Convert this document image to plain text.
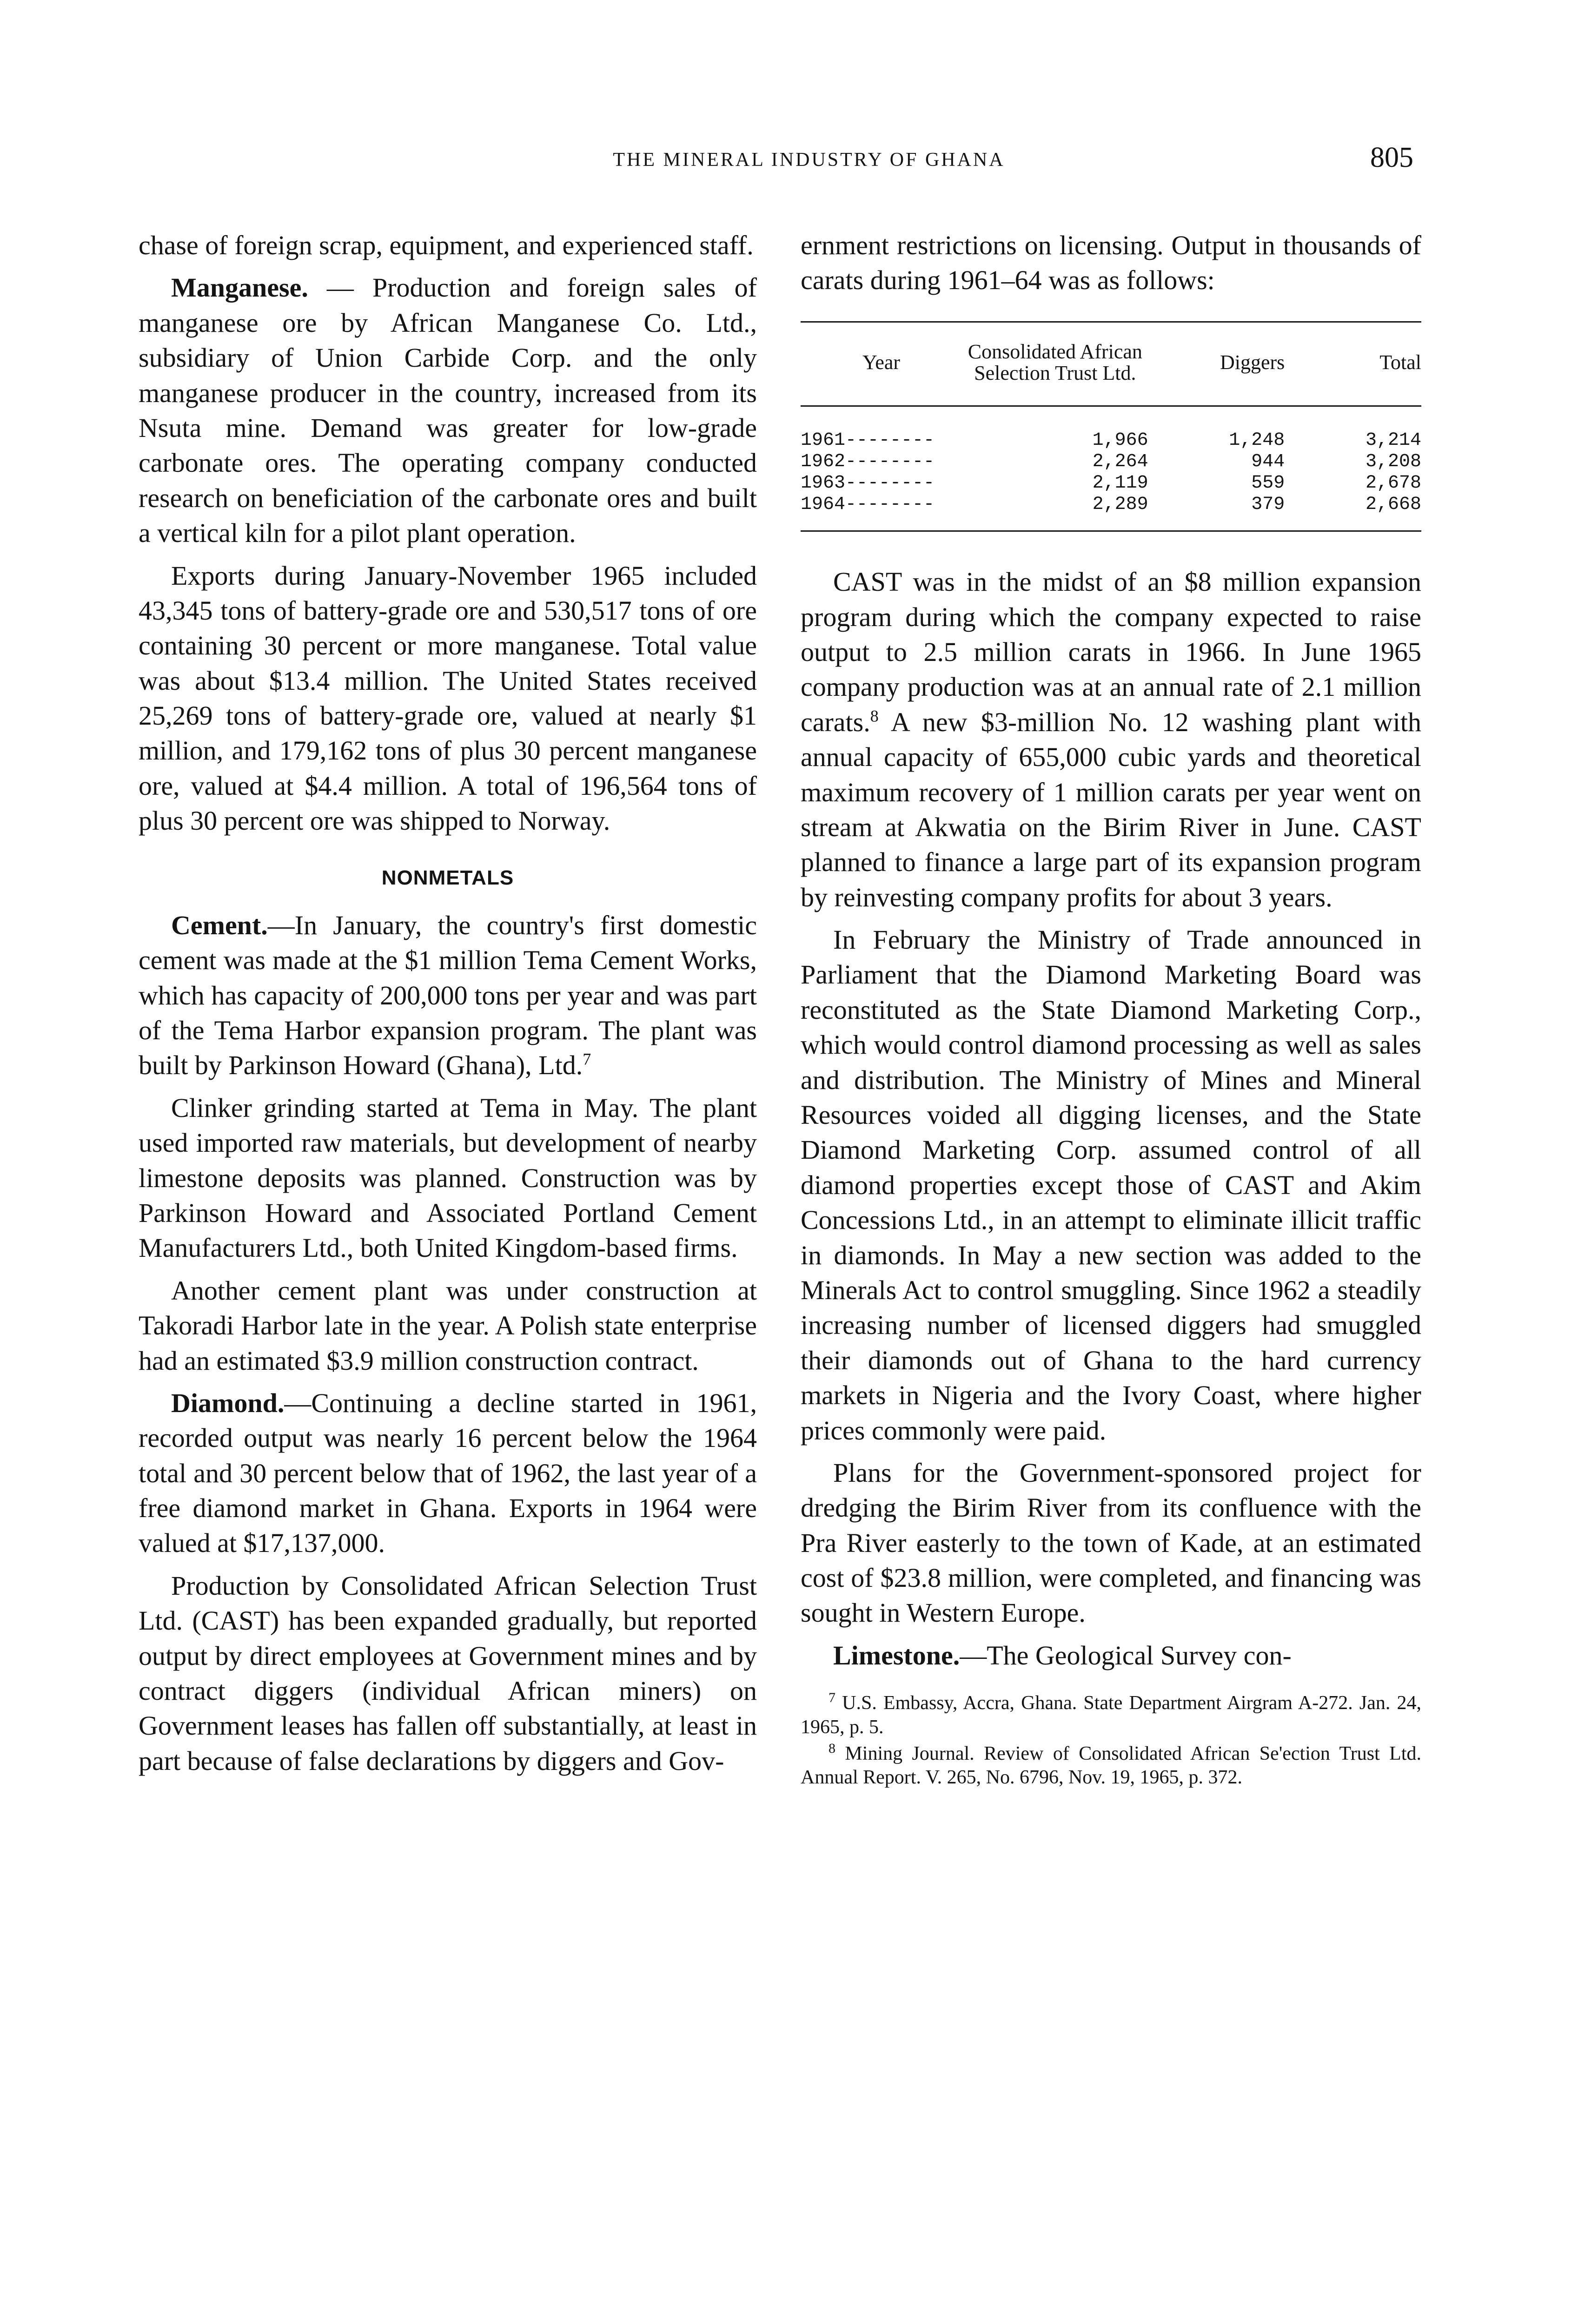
THE MINERAL INDUSTRY OF GHANA	805

chase of foreign scrap, equipment, and experienced staff.

Manganese. — Production and foreign sales of manganese ore by African Manganese Co. Ltd., subsidiary of Union Carbide Corp. and the only manganese producer in the country, increased from its Nsuta mine. Demand was greater for low-grade carbonate ores. The operating company conducted research on beneficiation of the carbonate ores and built a vertical kiln for a pilot plant operation.

Exports during January-November 1965 included 43,345 tons of battery-grade ore and 530,517 tons of ore containing 30 percent or more manganese. Total value was about $13.4 million. The United States received 25,269 tons of battery-grade ore, valued at nearly $1 million, and 179,162 tons of plus 30 percent manganese ore, valued at $4.4 million. A total of 196,564 tons of plus 30 percent ore was shipped to Norway.

NONMETALS

Cement.—In January, the country's first domestic cement was made at the $1 million Tema Cement Works, which has capacity of 200,000 tons per year and was part of the Tema Harbor expansion program. The plant was built by Parkinson Howard (Ghana), Ltd.$^7$

Clinker grinding started at Tema in May. The plant used imported raw materials, but development of nearby limestone deposits was planned. Construction was by Parkinson Howard and Associated Portland Cement Manufacturers Ltd., both United Kingdom-based firms.

Another cement plant was under construction at Takoradi Harbor late in the year. A Polish state enterprise had an estimated $3.9 million construction contract.

Diamond.—Continuing a decline started in 1961, recorded output was nearly 16 percent below the 1964 total and 30 percent below that of 1962, the last year of a free diamond market in Ghana. Exports in 1964 were valued at $17,137,000.

Production by Consolidated African Selection Trust Ltd. (CAST) has been expanded gradually, but reported output by direct employees at Government mines and by contract diggers (individual African miners) on Government leases has fallen off substantially, at least in part because of false declarations by diggers and Gov-

ernment restrictions on licensing. Output in thousands of carats during 1961–64 was as follows:

Year	Consolidated African Selection Trust Ltd.	Diggers	Total
1961--------	1,966	1,248	3,214
1962--------	2,264	944	3,208
1963--------	2,119	559	2,678
1964--------	2,289	379	2,668

CAST was in the midst of an $8 million expansion program during which the company expected to raise output to 2.5 million carats in 1966. In June 1965 company production was at an annual rate of 2.1 million carats.$^8$ A new $3-million No. 12 washing plant with annual capacity of 655,000 cubic yards and theoretical maximum recovery of 1 million carats per year went on stream at Akwatia on the Birim River in June. CAST planned to finance a large part of its expansion program by reinvesting company profits for about 3 years.

In February the Ministry of Trade announced in Parliament that the Diamond Marketing Board was reconstituted as the State Diamond Marketing Corp., which would control diamond processing as well as sales and distribution. The Ministry of Mines and Mineral Resources voided all digging licenses, and the State Diamond Marketing Corp. assumed control of all diamond properties except those of CAST and Akim Concessions Ltd., in an attempt to eliminate illicit traffic in diamonds. In May a new section was added to the Minerals Act to control smuggling. Since 1962 a steadily increasing number of licensed diggers had smuggled their diamonds out of Ghana to the hard currency markets in Nigeria and the Ivory Coast, where higher prices commonly were paid.

Plans for the Government-sponsored project for dredging the Birim River from its confluence with the Pra River easterly to the town of Kade, at an estimated cost of $23.8 million, were completed, and financing was sought in Western Europe.

Limestone.—The Geological Survey con-

$^7$ U.S. Embassy, Accra, Ghana. State Department Airgram A-272. Jan. 24, 1965, p. 5.

$^8$ Mining Journal. Review of Consolidated African Se'ection Trust Ltd. Annual Report. V. 265, No. 6796, Nov. 19, 1965, p. 372.
